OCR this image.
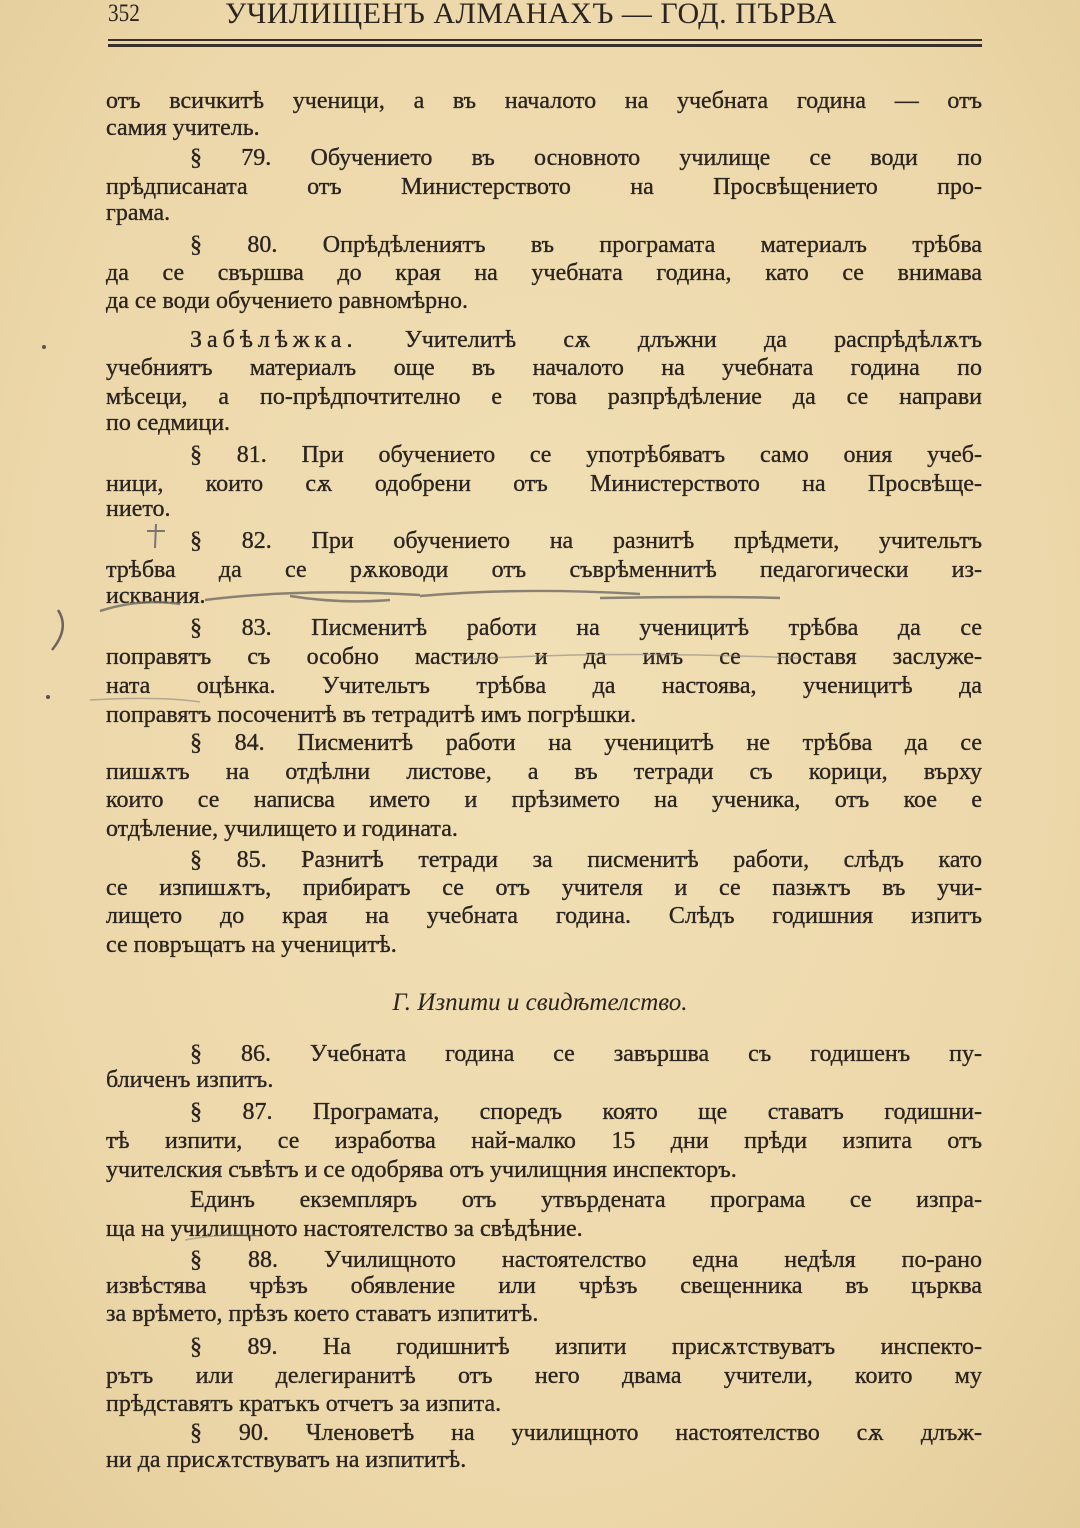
352	УЧИЛИЩЕНЪ АЛМАНАХЪ — ГОД. ПЪРВА
отъ всичкитѣ ученици, а въ началото на учебната година — отъ
самия учитель.
§ 79. Обучението въ основното училище се води по
прѣдписаната отъ Министерството на Просвѣщението про-
грама.
§ 80. Опрѣдѣлениятъ въ програмата материалъ трѣбва
да се свършва до края на учебната година, като се внимава
да се води обучението равномѣрно.
Забѣлѣжка. Учителитѣ сѫ длъжни да распрѣдѣлѫтъ
учебниятъ материалъ още въ началото на учебната година по
мѣсеци, а по-прѣдпочтително е това разпрѣдѣление да се направи
по седмици.
§ 81. При обучението се употрѣбяватъ само ония учеб-
ници, които сѫ одобрени отъ Министерството на Просвѣще-
нието.
§ 82. При обучението на разнитѣ прѣдмети, учительтъ
трѣбва да се рѫководи отъ съврѣменнитѣ педагогически из-
исквания.
§ 83. Писменитѣ работи на ученицитѣ трѣбва да се
поправятъ съ особно мастило и да имъ се поставя заслуже-
ната оцѣнка. Учительтъ трѣбва да настоява, ученицитѣ да
поправятъ посоченитѣ въ тетрадитѣ имъ погрѣшки.
§ 84. Писменитѣ работи на ученицитѣ не трѣбва да се
пишѫтъ на отдѣлни листове, а въ тетради съ корици, върху
които се написва името и прѣзимето на ученика, отъ кое е
отдѣление, училището и годината.
§ 85. Разнитѣ тетради за писменитѣ работи, слѣдъ като
се изпишѫтъ, прибиратъ се отъ учителя и се пазѭтъ въ учи-
лището до края на учебната година. Слѣдъ годишния изпитъ
се повръщатъ на ученицитѣ.
§ 86. Учебната година се завършва съ годишенъ пу-
бличенъ изпитъ.
§ 87. Програмата, споредъ която ще ставатъ годишни-
тѣ изпити, се изработва най-малко 15 дни прѣди изпита отъ
учителския съвѣтъ и се одобрява отъ училищния инспекторъ.
Единъ екземпляръ отъ утвърдената програма се изпра-
ща на училищното настоятелство за свѣдѣние.
§ 88. Училищното настоятелство една недѣля по-рано
извѣстява чрѣзъ обявление или чрѣзъ свещенника въ църква
за врѣмето, прѣзъ което ставатъ изпититѣ.
§ 89. На годишнитѣ изпити присѫтствуватъ инспекто-
рътъ или делегиранитѣ отъ него двама учители, които му
прѣдставятъ кратъкъ отчетъ за изпита.
§ 90. Членоветѣ на училищното настоятелство сѫ длъж-
ни да присѫтствуватъ на изпититѣ.
Г. Изпити и свидѣтелство.
